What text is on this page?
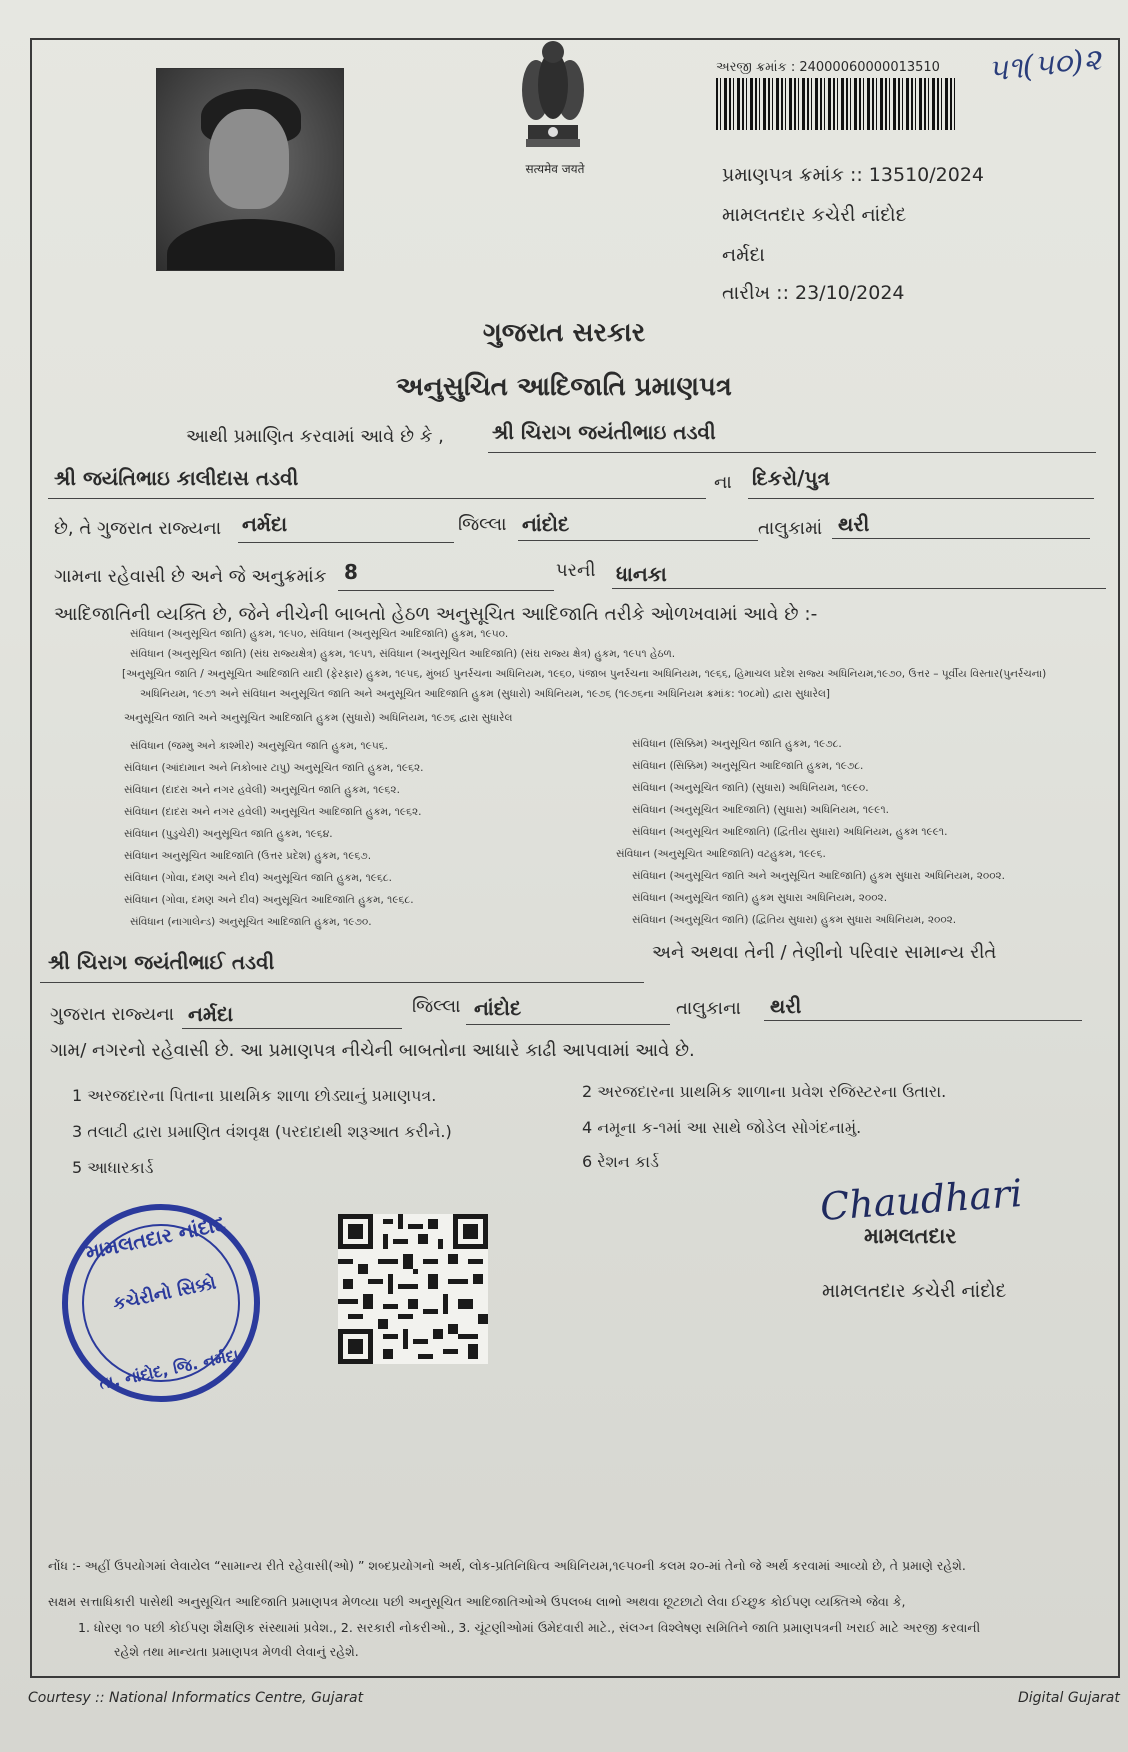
सत्यमेव जयते
અરજી ક્રમાંક : 24000060000013510 ૫૧(૫૦)૨
પ્રમાણપત્ર ક્રમાંક :: 13510/2024
મામલતદાર કચેરી નાંદોદ
નર્મદા
તારીખ :: 23/10/2024
ગુજરાત સરકાર
અનુસુચિત આદિજાતિ પ્રમાણપત્ર
આથી પ્રમાણિત કરવામાં આવે છે કે , શ્રી ચિરાગ જયંતીભાઇ તડવી
શ્રી જયંતિભાઇ કાલીદાસ તડવી	ના દિકરો/પુત્ર
છે, તે ગુજરાત રાજ્યના નર્મદા	જિલ્લા નાંદોદ	તાલુકામાં થરી
ગામના રહેવાસી છે અને જે અનુક્રમાંક 8	પરની ધાનકા
આદિજાતિની વ્યક્તિ છે, જેને નીચેની બાબતો હેઠળ અનુસૂચિત આદિજાતિ તરીકે ઓળખવામાં આવે છે :-
સંવિધાન (અનુસૂચિત જાતિ) હુકમ, ૧૯૫૦, સંવિધાન (અનુસૂચિત આદિજાતિ) હુકમ, ૧૯૫૦.
સંવિધાન (અનુસૂચિત જાતિ) (સંઘ રાજ્યક્ષેત્ર) હુકમ, ૧૯૫૧, સંવિધાન (અનુસૂચિત આદિજાતિ) (સંઘ રાજ્ય ક્ષેત્ર) હુકમ, ૧૯૫૧ હેઠળ.
[અનુસૂચિત જાતિ / અનુસૂચિત આદિજાતિ યાદી (ફેરફાર) હુકમ, ૧૯૫૬, મુંબઈ પુનર્રચના અધિનિયમ, ૧૯૬૦, પંજાબ પુનર્રચના અધિનિયમ, ૧૯૬૬, હિમાચલ પ્રદેશ રાજ્ય અધિનિયમ,૧૯૭૦, ઉત્તર – પૂર્વીય વિસ્તાર(પુનર્રચના)
અધિનિયમ, ૧૯૭૧ અને સંવિધાન અનુસૂચિત જાતિ અને અનુસૂચિત આદિજાતિ હુકમ (સુધારો) અધિનિયમ, ૧૯૭૬ (૧૯૭૬ના અધિનિયમ ક્રમાંક: ૧૦૮મો) દ્વારા સુધારેલ]
અનુસૂચિત જાતિ અને અનુસૂચિત આદિજાતિ હુકમ (સુધારો) અધિનિયમ, ૧૯૭૬ દ્વારા સુધારેલ
સંવિધાન (જમ્મુ અને કાશ્મીર) અનુસૂચિત જાતિ હુકમ, ૧૯૫૬.
સંવિધાન (આંદામાન અને નિકોબાર ટાપુ) અનુસૂચિત જાતિ હુકમ, ૧૯૬૨.
સંવિધાન (દાદરા અને નગર હવેલી) અનુસૂચિત જાતિ હુકમ, ૧૯૬૨.
સંવિધાન (દાદરા અને નગર હવેલી) અનુસૂચિત આદિજાતિ હુકમ, ૧૯૬૨.
સંવિધાન (પુડુચેરી) અનુસૂચિત જાતિ હુકમ, ૧૯૬૪.
સંવિધાન અનુસૂચિત આદિજાતિ (ઉત્તર પ્રદેશ) હુકમ, ૧૯૬૭.
સંવિધાન (ગોવા, દમણ અને દીવ) અનુસૂચિત જાતિ હુકમ, ૧૯૬૮.
સંવિધાન (ગોવા, દમણ અને દીવ) અનુસૂચિત આદિજાતિ હુકમ, ૧૯૬૮.
સંવિધાન (નાગાલેન્ડ) અનુસૂચિત આદિજાતિ હુકમ, ૧૯૭૦.
સંવિધાન (સિક્કિમ) અનુસૂચિત જાતિ હુકમ, ૧૯૭૮.
સંવિધાન (સિક્કિમ) અનુસૂચિત આદિજાતિ હુકમ, ૧૯૭૮.
સંવિધાન (અનુસૂચિત જાતિ) (સુધારા) અધિનિયમ, ૧૯૯૦.
સંવિધાન (અનુસૂચિત આદિજાતિ) (સુધારા) અધિનિયમ, ૧૯૯૧.
સંવિધાન (અનુસૂચિત આદિજાતિ) (દ્વિતીય સુધારા) અધિનિયમ, હુકમ ૧૯૯૧.
સંવિધાન (અનુસૂચિત આદિજાતિ) વટહુકમ, ૧૯૯૬.
સંવિધાન (અનુસૂચિત જાતિ અને અનુસૂચિત આદિજાતિ) હુકમ સુધારા અધિનિયમ, ૨૦૦૨.
સંવિધાન (અનુસૂચિત જાતિ) હુકમ સુધારા અધિનિયમ, ૨૦૦૨.
સંવિધાન (અનુસૂચિત જાતિ) (દ્વિતિય સુધારા) હુકમ સુધારા અધિનિયમ, ૨૦૦૨.
શ્રી ચિરાગ જયંતીભાઈ તડવી	અને અથવા તેની / તેણીનો પરિવાર સામાન્ય રીતે
ગુજરાત રાજ્યના નર્મદા	જિલ્લા નાંદોદ	તાલુકાના થરી
ગામ/ નગરનો રહેવાસી છે. આ પ્રમાણપત્ર નીચેની બાબતોના આધારે કાઢી આપવામાં આવે છે.
1 અરજદારના પિતાના પ્રાથમિક શાળા છોડ્યાનું પ્રમાણપત્ર.	2 અરજદારના પ્રાથમિક શાળાના પ્રવેશ રજિસ્ટરના ઉતારા.
3 તલાટી દ્વારા પ્રમાણિત વંશવૃક્ષ (પરદાદાથી શરૂઆત કરીને.)	4 નમૂના ક-૧માં આ સાથે જોડેલ સોગંદનામું.
5 આધારકાર્ડ	6 રેશન કાર્ડ
મામલતદાર નાંદોદ
કચેરીનો સિક્કો
તા. નાંદોદ, જિ. નર્મદા
Chaudhari
મામલતદાર
મામલતદાર કચેરી નાંદોદ
નોંધ :- અહીં ઉપયોગમાં લેવાયેલ “સામાન્ય રીતે રહેવાસી(ઓ) ” શબ્દપ્રયોગનો અર્થ, લોક-પ્રતિનિધિત્વ અધિનિયમ,૧૯૫૦ની કલમ ૨૦-માં તેનો જે અર્થ કરવામાં આવ્યો છે, તે પ્રમાણે રહેશે.
સક્ષમ સત્તાધિકારી પાસેથી અનુસૂચિત આદિજાતિ પ્રમાણપત્ર મેળવ્યા પછી અનુસૂચિત આદિજાતિઓએ ઉપલબ્ધ લાભો અથવા છૂટછાટો લેવા ઈચ્છુક કોઈપણ વ્યક્તિએ જેવા કે,
1. ધોરણ ૧૦ પછી કોઈપણ શૈક્ષણિક સંસ્થામાં પ્રવેશ., 2. સરકારી નોકરીઓ., 3. ચૂંટણીઓમાં ઉમેદવારી માટે., સંલગ્ન વિશ્લેષણ સમિતિને જાતિ પ્રમાણપત્રની ખરાઈ માટે અરજી કરવાની
રહેશે તથા માન્યતા પ્રમાણપત્ર મેળવી લેવાનું રહેશે.
Courtesy :: National Informatics Centre, Gujarat	Digital Gujarat
